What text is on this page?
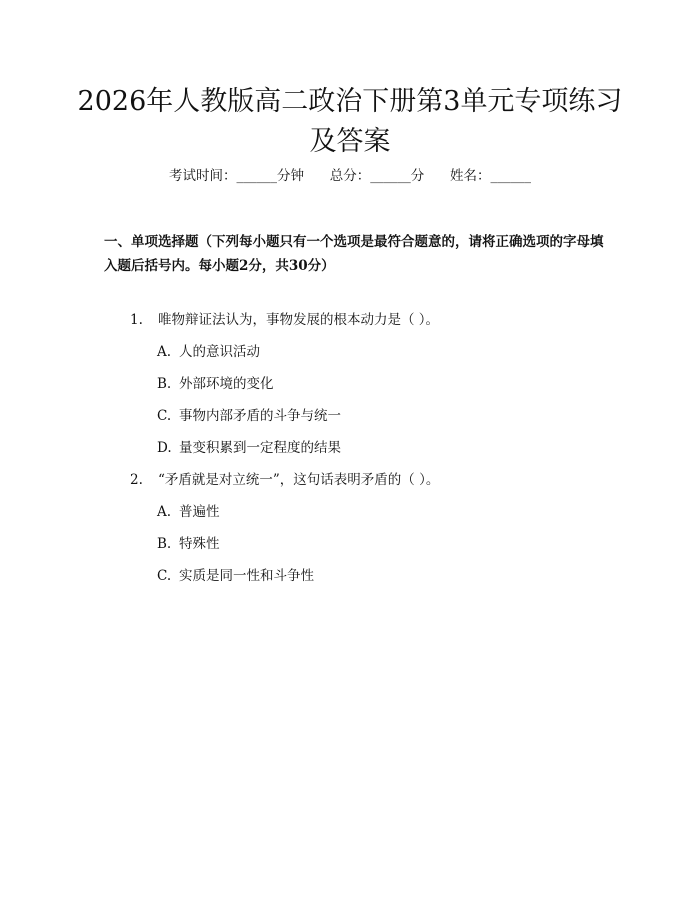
2026年人教版高二政治下册第3单元专项练习及答案
考试时间：______分钟      总分：______分      姓名：______
一、单项选择题（下列每小题只有一个选项是最符合题意的，请将正确选项的字母填入题后括号内。每小题2分，共30分）
1. 唯物辩证法认为，事物发展的根本动力是（ ）。
A. 人的意识活动
B. 外部环境的变化
C. 事物内部矛盾的斗争与统一
D. 量变积累到一定程度的结果
2. “矛盾就是对立统一”，这句话表明矛盾的（ ）。
A. 普遍性
B. 特殊性
C. 实质是同一性和斗争性
